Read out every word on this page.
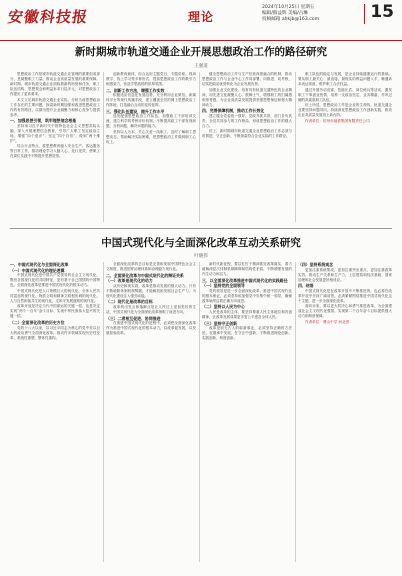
安徽科技报	理论
2024年10月25日 星期五
编辑/熊益辉 美编/占琳
投稿邮箱 ahkjb@163.com	15
新时期城市轨道交通企业开展思想政治工作的路径研究
王强道

思想政治工作是城市轨道交通企业管理的重要组成部分，是凝聚职工力量、推动企业高质量发展的重要保障。新时期，城市轨道交通企业面临着新的形势和任务，职工队伍结构、思想观念和利益诉求日趋多元，对思想政治工作提出了更高要求。

本文立足城市轨道交通企业实际，分析当前思想政治工作存在的主要问题，探索新时期加强和改进思想政治工作的有效路径，以期为提升企业凝聚力和核心竞争力提供参考。

一、加强思想引领，筑牢理想信念根基

坚持用习近平新时代中国特色社会主义思想武装头脑，深入开展理想信念教育，引导广大职工坚定政治立场，增强“四个意识”、坚定“四个自信”、做到“两个维护”。

结合行业特点，将思想教育融入安全生产、客运服务等日常工作，推动理论学习入脑入心、见行见效，使职工在岗位实践中不断提升思想觉悟。

创新教育载体，综合运用主题党日、专题讲座、现场教学、线上学习等多种形式，提高思想政治工作的吸引力和感染力，营造学思践悟的浓厚氛围。

二、创新工作方法，增强工作实效

积极适应信息化发展趋势，充分利用企业微信、新媒体平台等现代传播手段，建立覆盖全员的网上思想政治工作阵地，打造融合互动的宣传矩阵。

三、强化队伍建设，提升工作水平

选优配强思想政治工作队伍，加强政工干部培训交流，建立科学的考核评价机制，不断提高政工干部发现问题、分析问题、解决问题的能力。

坚持以人为本，关心关爱一线职工，及时了解职工思想动态，帮助解决实际困难，把思想政治工作做到职工心坎上。

健全思想政治工作与生产经营深度融合的机制，推动思想政治工作与企业中心工作同部署、同推进、同考核，切实把政治优势转化为企业发展优势。

加强企业文化建设，培育具有轨道交通特色的企业精神，用先进文化凝聚人心、鼓舞士气，增强职工的归属感和荣誉感，为企业高质量发展提供坚强思想保证和强大精神动力。

四、完善保障机制，推动工作长效化

建立健全党委统一领导、党政齐抓共管、部门各负其责、全员共同参与的工作格局，形成思想政治工作的强大合力。

综上，新时期城市轨道交通企业思想政治工作必须与时俱进、守正创新，不断探索符合企业实际的工作路径。

职工队伍的稳定与发展，是企业持续健康运行的基础。要从职工最关心、最直接、最现实的利益问题入手，畅通诉求表达渠道，维护职工合法权益。

通过开展劳动竞赛、技能比武、岗位练兵等活动，激发职工干事创业热情，培养一支政治坚定、业务精湛、作风过硬的高素质职工队伍。

综上所述，思想政治工作是企业的生命线，轨道交通企业要坚持问题导向，持续深化思想政治工作创新实践，推动企业高质量发展再上新台阶。

作者单位：杭州市地铁集团有限责任公司

中国式现代化与全面深化改革互动关系研究
叶晓伟

一、中国式现代化与全面深化改革

（一）中国式现代化的理论逻辑

中国式现代化是中国共产党领导的社会主义现代化，既有各国现代化的共同特征，更有基于自己国情的中国特色。全面深化改革是推进中国式现代化的根本动力。

中国式现代化是人口规模巨大的现代化、全体人民共同富裕的现代化、物质文明和精神文明相协调的现代化、人与自然和谐共生的现代化、走和平发展道路的现代化。

改革开放是决定当代中国命运的关键一招，也是决定实现“两个一百年”奋斗目标、实现中华民族伟大复兴的关键一招。

（二）全面深化改革的历史方位

党的十八大以来，以习近平同志为核心的党中央以巨大的政治勇气全面深化改革，推动许多领域实现历史性变革、系统性重塑、整体性重构。

全面深化改革的总目标是完善和发展中国特色社会主义制度，推进国家治理体系和治理能力现代化。

二、全面深化改革与中国式现代化的辩证关系

（一）改革是现代化的动力

从历史和现实看，改革是推动发展的强大动力。只有不断破除体制机制弊端，才能解放和发展社会生产力，为现代化建设注入强劲动能。

（二）现代化是改革的目标

改革的出发点和落脚点是让人民过上更加美好的生活，中国式现代化为全面深化改革指明了前进方向。

（三）二者相互促进、协同推进

在推进中国式现代化的进程中，必须把全面深化改革作为推进中国式现代化的根本动力，以改革促发展，以发展检验改革。

新时代新征程，要以钉钉子精神抓好改革落实，着力破解深层次体制机制障碍和结构性矛盾，不断增强发展的内生动力和活力。

三、以全面深化改革推进中国式现代化的实践路径

（一）坚持党的全面领导

党的领导是进一步全面深化改革、推进中国式现代化的根本保证，必须坚持和加强党中央集中统一领导，确保改革始终沿着正确方向前进。

（二）坚持以人民为中心

人民是改革的主体，要坚持尊重人民主体地位和首创精神，让改革发展成果更多更公平惠及全体人民。

（三）坚持守正创新

改革是前无古人的崭新事业，必须坚持正确的方法论，在继承中发展、在守正中创新，不断推进理论创新、实践创新、制度创新。

（四）坚持系统观念

更加注重系统集成，更加注重突出重点，更加注重改革实效，推动生产关系和生产力、上层建筑和经济基础、国家治理和社会发展更好相适应。

四、结语

中国式现代化是在改革开放中不断推进的，也必将在改革开放中开辟广阔前景。必须紧紧围绕推进中国式现代化这个主题，进一步全面深化改革。

面向未来，要以更大的决心和勇气推进改革，为全面建成社会主义现代化强国、实现第二个百年奋斗目标提供强大动力和制度保障。

作者单位：曹山中学 河北省
